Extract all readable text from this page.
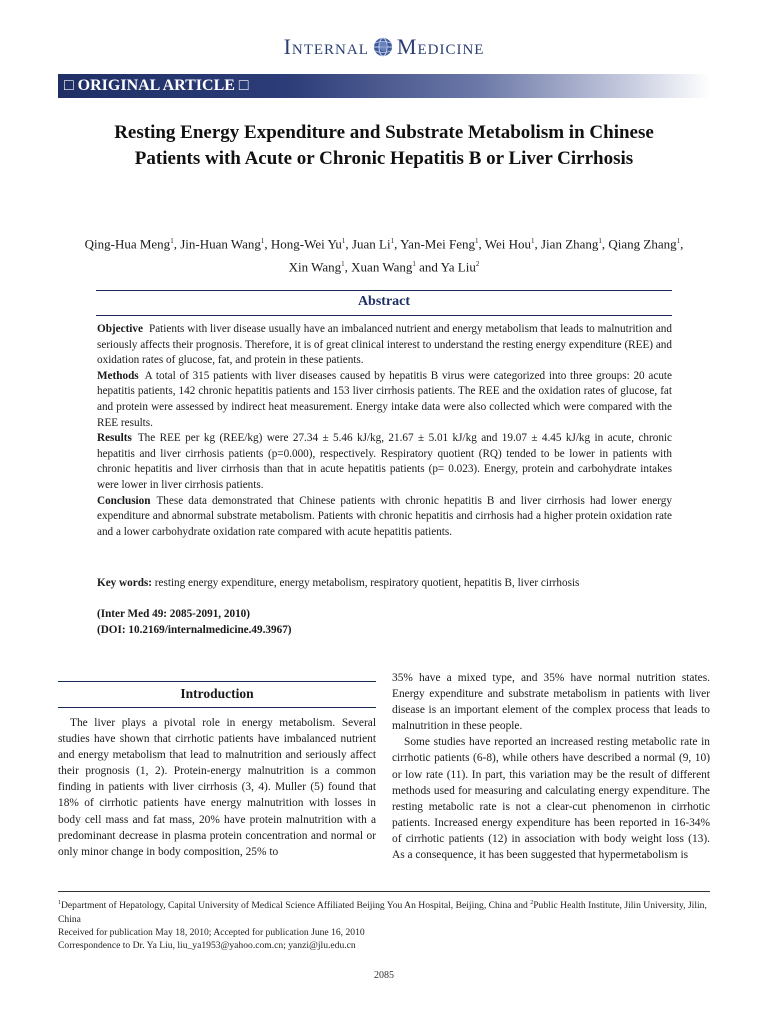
Internal Medicine
□ ORIGINAL ARTICLE □
Resting Energy Expenditure and Substrate Metabolism in Chinese Patients with Acute or Chronic Hepatitis B or Liver Cirrhosis
Qing-Hua Meng$^1$, Jin-Huan Wang$^1$, Hong-Wei Yu$^1$, Juan Li$^1$, Yan-Mei Feng$^1$, Wei Hou$^1$, Jian Zhang$^1$, Qiang Zhang$^1$, Xin Wang$^1$, Xuan Wang$^1$ and Ya Liu$^2$
Abstract

Objective Patients with liver disease usually have an imbalanced nutrient and energy metabolism that leads to malnutrition and seriously affects their prognosis. Therefore, it is of great clinical interest to understand the resting energy expenditure (REE) and oxidation rates of glucose, fat, and protein in these patients.

Methods A total of 315 patients with liver diseases caused by hepatitis B virus were categorized into three groups: 20 acute hepatitis patients, 142 chronic hepatitis patients and 153 liver cirrhosis patients. The REE and the oxidation rates of glucose, fat and protein were assessed by indirect heat measurement. Energy intake data were also collected which were compared with the REE results.

Results The REE per kg (REE/kg) were 27.34 ± 5.46 kJ/kg, 21.67 ± 5.01 kJ/kg and 19.07 ± 4.45 kJ/kg in acute, chronic hepatitis and liver cirrhosis patients (p=0.000), respectively. Respiratory quotient (RQ) tended to be lower in patients with chronic hepatitis and liver cirrhosis than that in acute hepatitis patients (p= 0.023). Energy, protein and carbohydrate intakes were lower in liver cirrhosis patients.

Conclusion These data demonstrated that Chinese patients with chronic hepatitis B and liver cirrhosis had lower energy expenditure and abnormal substrate metabolism. Patients with chronic hepatitis and cirrhosis had a higher protein oxidation rate and a lower carbohydrate oxidation rate compared with acute hepatitis patients.

Key words: resting energy expenditure, energy metabolism, respiratory quotient, hepatitis B, liver cirrhosis
(Inter Med 49: 2085-2091, 2010)
(DOI: 10.2169/internalmedicine.49.3967)
Introduction

The liver plays a pivotal role in energy metabolism. Several studies have shown that cirrhotic patients have imbalanced nutrient and energy metabolism that lead to malnutrition and seriously affect their prognosis (1, 2). Protein-energy malnutrition is a common finding in patients with liver cirrhosis (3, 4). Muller (5) found that 18% of cirrhotic patients have energy malnutrition with losses in body cell mass and fat mass, 20% have protein malnutrition with a predominant decrease in plasma protein concentration and normal or only minor change in body composition, 25% to

35% have a mixed type, and 35% have normal nutrition states. Energy expenditure and substrate metabolism in patients with liver disease is an important element of the complex process that leads to malnutrition in these people.

Some studies have reported an increased resting metabolic rate in cirrhotic patients (6-8), while others have described a normal (9, 10) or low rate (11). In part, this variation may be the result of different methods used for measuring and calculating energy expenditure. The resting metabolic rate is not a clear-cut phenomenon in cirrhotic patients. Increased energy expenditure has been reported in 16-34% of cirrhotic patients (12) in association with body weight loss (13). As a consequence, it has been suggested that hypermetabolism is

$^1$Department of Hepatology, Capital University of Medical Science Affiliated Beijing You An Hospital, Beijing, China and $^2$Public Health Institute, Jilin University, Jilin, China

Received for publication May 18, 2010; Accepted for publication June 16, 2010

Correspondence to Dr. Ya Liu, liu_ya1953@yahoo.com.cn; yanzi@jlu.edu.cn

2085
